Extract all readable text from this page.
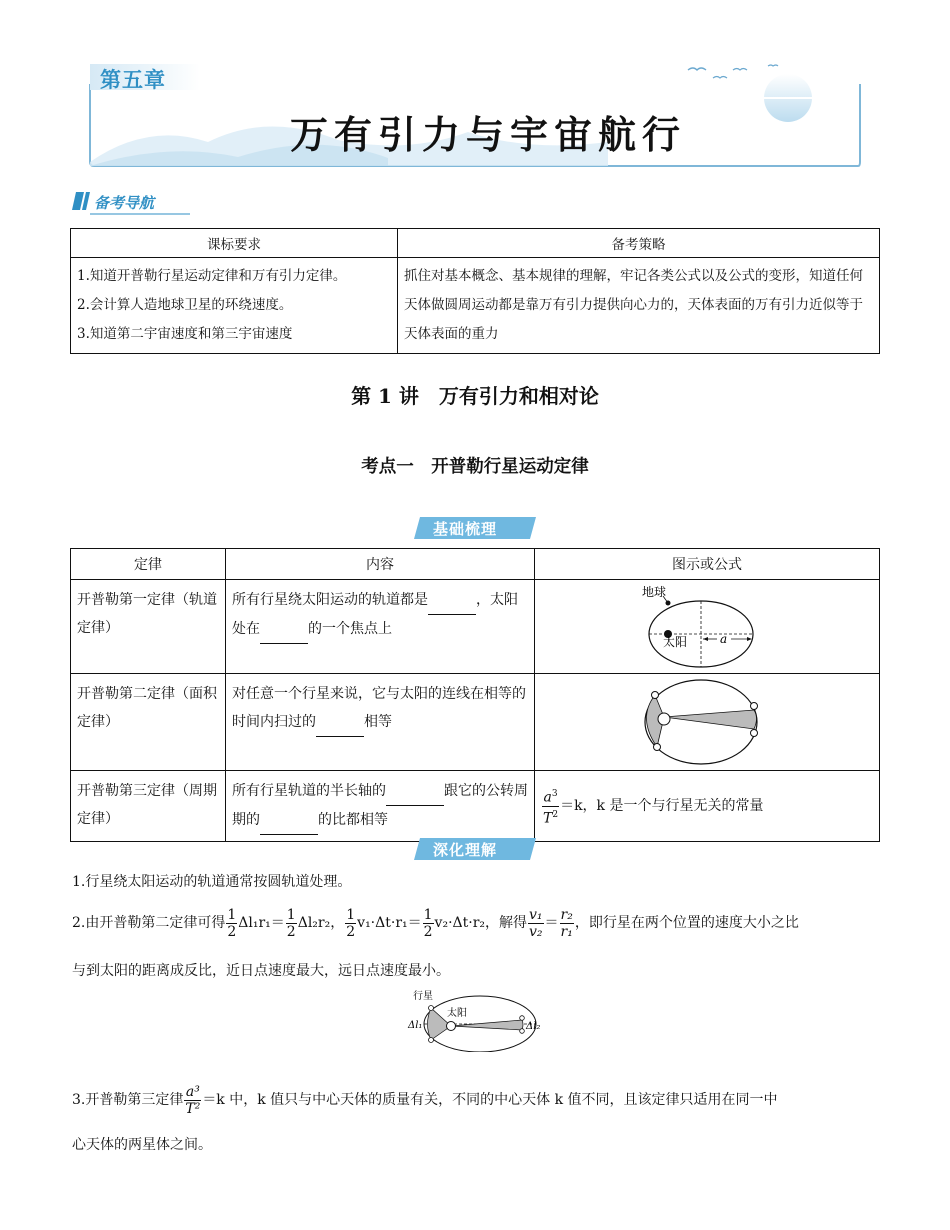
第五章
万有引力与宇宙航行
备考导航
课标要求	备考策略

1.知道开普勒行星运动定律和万有引力定律。
2.会计算人造地球卫星的环绕速度。
3.知道第二宇宙速度和第三宇宙速度	抓住对基本概念、基本规律的理解，牢记各类公式以及公式的变形，知道任何天体做圆周运动都是靠万有引力提供向心力的，天体表面的万有引力近似等于天体表面的重力
第 1 讲　万有引力和相对论
考点一　开普勒行星运动定律
基础梳理
定律	内容	图示或公式
开普勒第一定律（轨道定律）	所有行星绕太阳运动的轨道都是 ，太阳处在 的一个焦点上	地球
太阳 a

开普勒第二定律（面积定律）	对任意一个行星来说，它与太阳的连线在相等的时间内扫过的 相等	

开普勒第三定律（周期定律）	所有行星轨道的半长轴的 跟它的公转周期的 的比都相等	$\frac{a^3}{T^2} =k$，k 是一个与行星无关的常量
深化理解
1.行星绕太阳运动的轨道通常按圆轨道处理。
2.由开普勒第二定律可得 $\frac{1}{2} \Delta l_1r_1= \frac{1}{2} \Delta l_2r_2$， $\frac{1}{2} v_1\cdot\Delta t\cdot r_1= \frac{1}{2} v_2\cdot\Delta t\cdot r_2$，解得 $\frac{\text{v₁}}{\text{v₂}} = \frac{\text{r₂}}{\text{r₁}}$ ，即行星在两个位置的速度大小之比
与到太阳的距离成反比，近日点速度最大，远日点速度最小。
行星
太阳
Δl₁	Δl₂
3.开普勒第三定律 $\frac{\text{a³}}{\text{T²}} =k$ 中，k 值只与中心天体的质量有关，不同的中心天体 k 值不同，且该定律只适用在同一中
心天体的两星体之间。
